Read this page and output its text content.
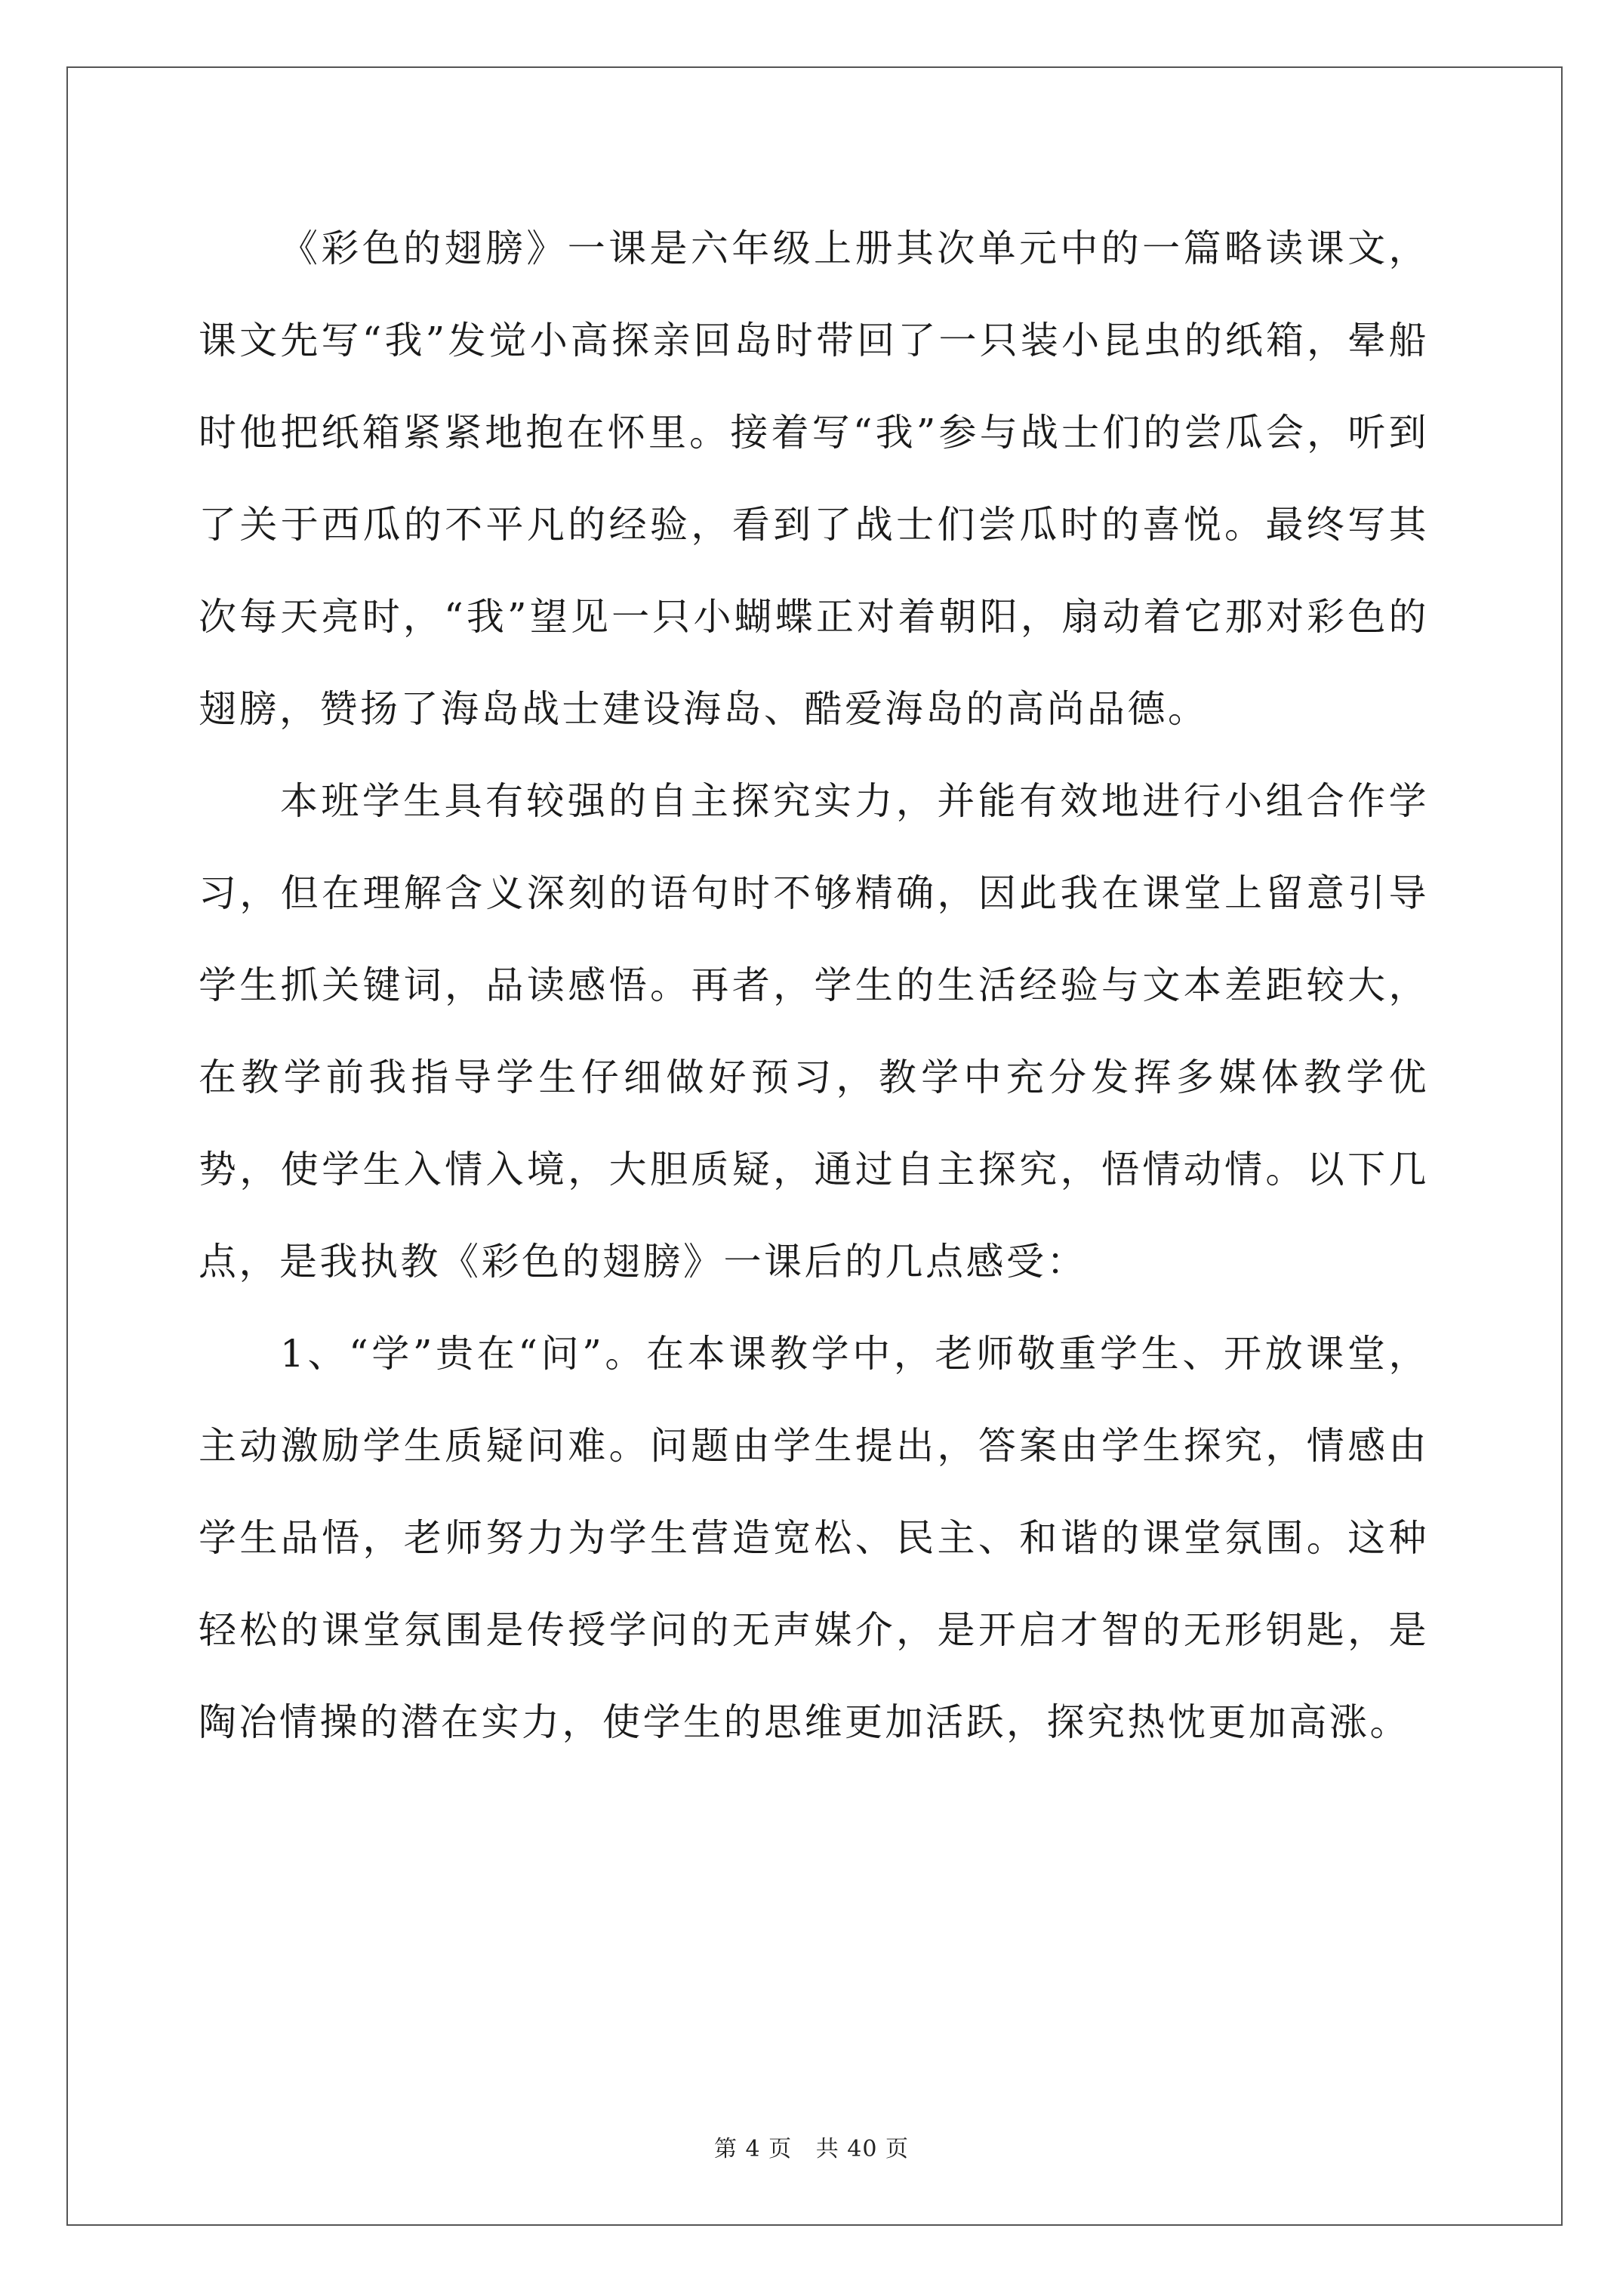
《彩色的翅膀》一课是六年级上册其次单元中的一篇略读课文，课文先写“我”发觉小高探亲回岛时带回了一只装小昆虫的纸箱，晕船时他把纸箱紧紧地抱在怀里。接着写“我”参与战士们的尝瓜会，听到了关于西瓜的不平凡的经验，看到了战士们尝瓜时的喜悦。最终写其次每天亮时，“我”望见一只小蝴蝶正对着朝阳，扇动着它那对彩色的翅膀，赞扬了海岛战士建设海岛、酷爱海岛的高尚品德。

本班学生具有较强的自主探究实力，并能有效地进行小组合作学习，但在理解含义深刻的语句时不够精确，因此我在课堂上留意引导学生抓关键词，品读感悟。再者，学生的生活经验与文本差距较大，在教学前我指导学生仔细做好预习，教学中充分发挥多媒体教学优势，使学生入情入境，大胆质疑，通过自主探究，悟情动情。以下几点，是我执教《彩色的翅膀》一课后的几点感受：

1、“学”贵在“问”。在本课教学中，老师敬重学生、开放课堂，主动激励学生质疑问难。问题由学生提出，答案由学生探究，情感由学生品悟，老师努力为学生营造宽松、民主、和谐的课堂氛围。这种轻松的课堂氛围是传授学问的无声媒介，是开启才智的无形钥匙，是陶冶情操的潜在实力，使学生的思维更加活跃，探究热忱更加高涨。

第 4 页 共 40 页
